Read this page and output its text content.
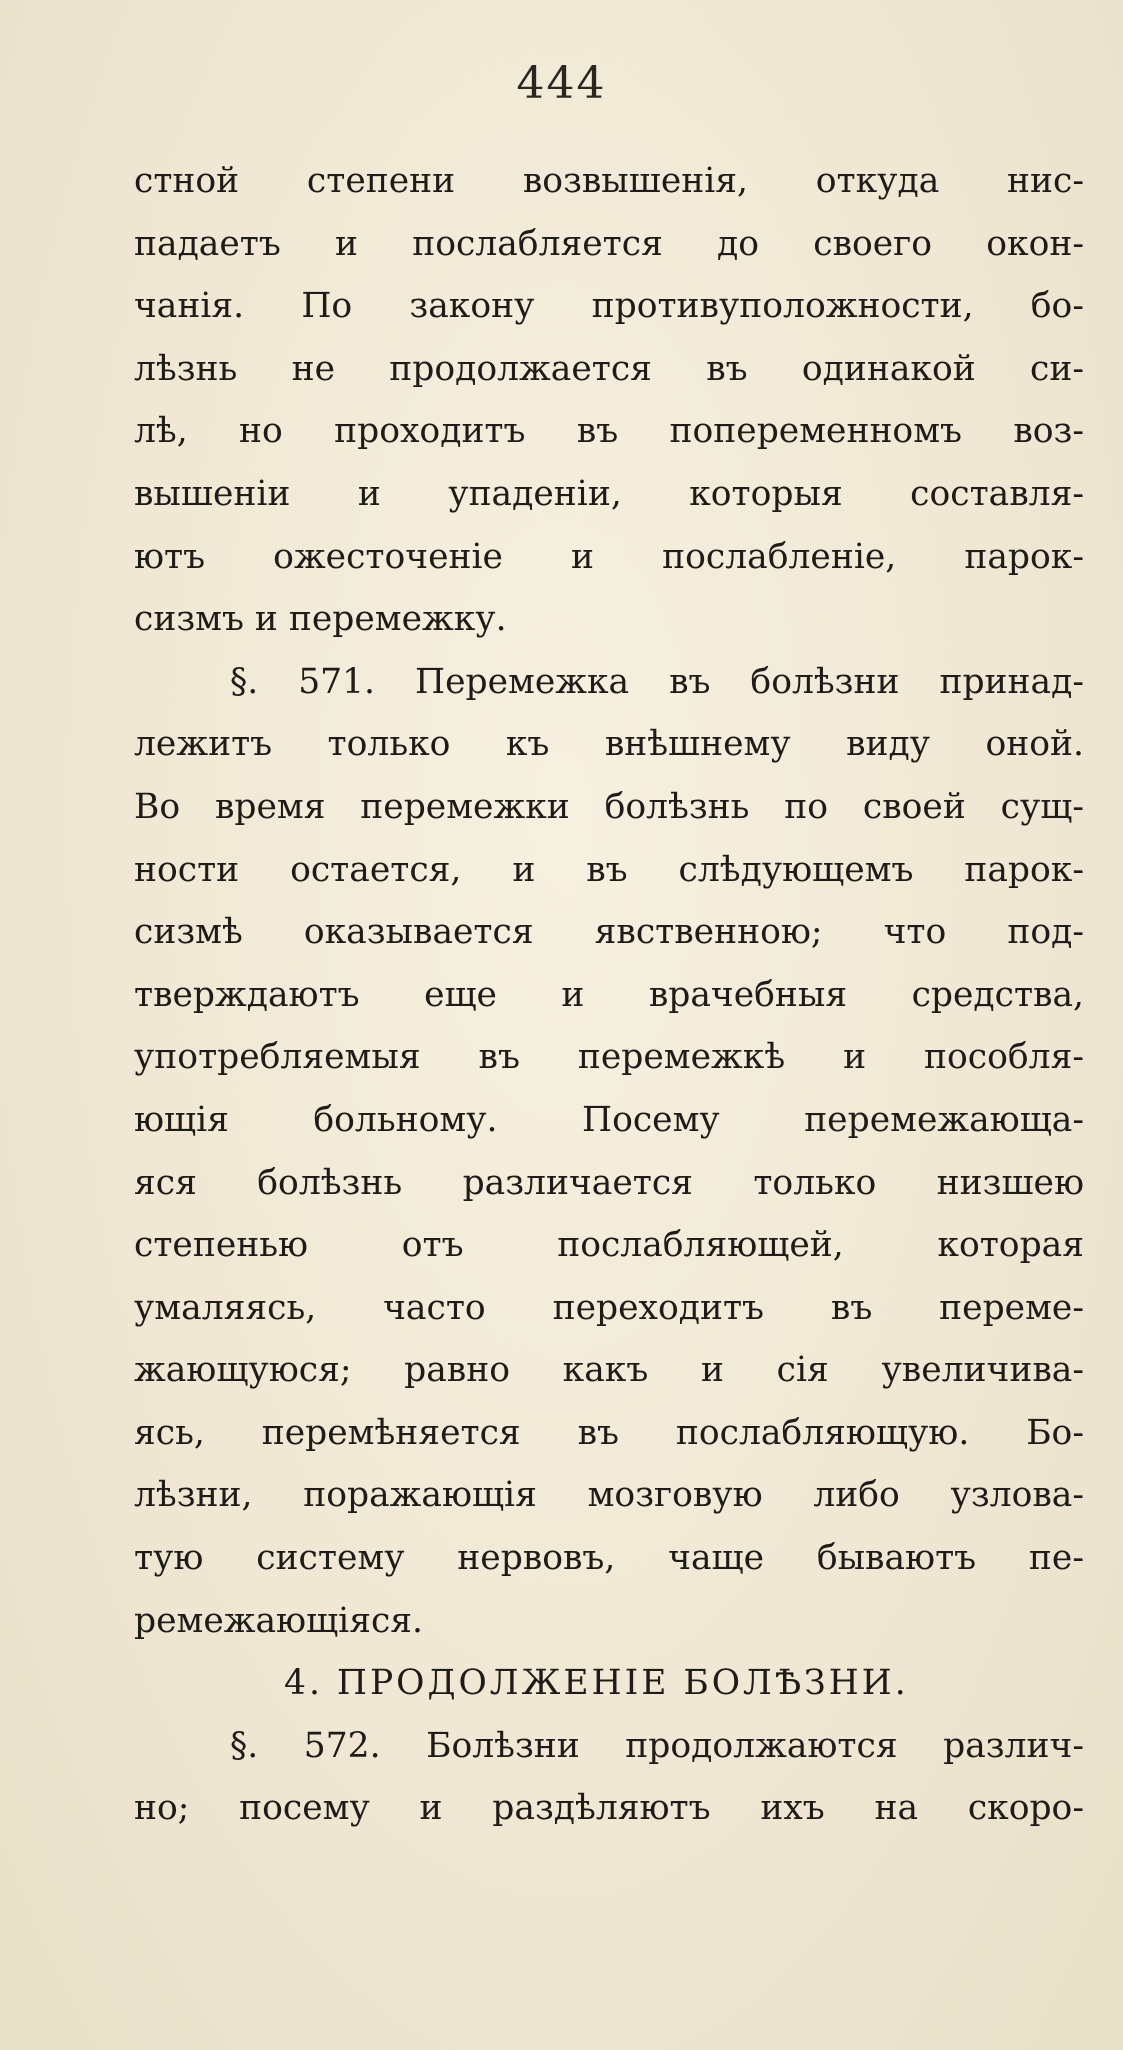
444
стной степени возвышенія, откуда нис-
падаетъ и послабляется до своего окон-
чанія. По закону противуположности, бо-
лѣзнь не продолжается въ одинакой си-
лѣ, но проходитъ въ попеременномъ воз-
вышеніи и упаденіи, которыя составля-
ютъ ожесточеніе и послабленіе, парок-
сизмъ и перемежку.
§. 571. Перемежка въ болѣзни принад-
лежитъ только къ внѣшнему виду оной.
Во время перемежки болѣзнь по своей сущ-
ности остается, и въ слѣдующемъ парок-
сизмѣ оказывается явственною; что под-
тверждаютъ еще и врачебныя средства,
употребляемыя въ перемежкѣ и пособля-
ющія больному. Посему перемежающа-
яся болѣзнь различается только низшею
степенью отъ послабляющей, которая
умаляясь, часто переходитъ въ переме-
жающуюся; равно какъ и сія увеличива-
ясь, перемѣняется въ послабляющую. Бо-
лѣзни, поражающія мозговую либо узлова-
тую систему нервовъ, чаще бываютъ пе-
ремежающіяся.
4. ПРОДОЛЖЕНІЕ БОЛѢЗНИ.
§. 572. Болѣзни продолжаются различ-
но; посему и раздѣляютъ ихъ на скоро-
